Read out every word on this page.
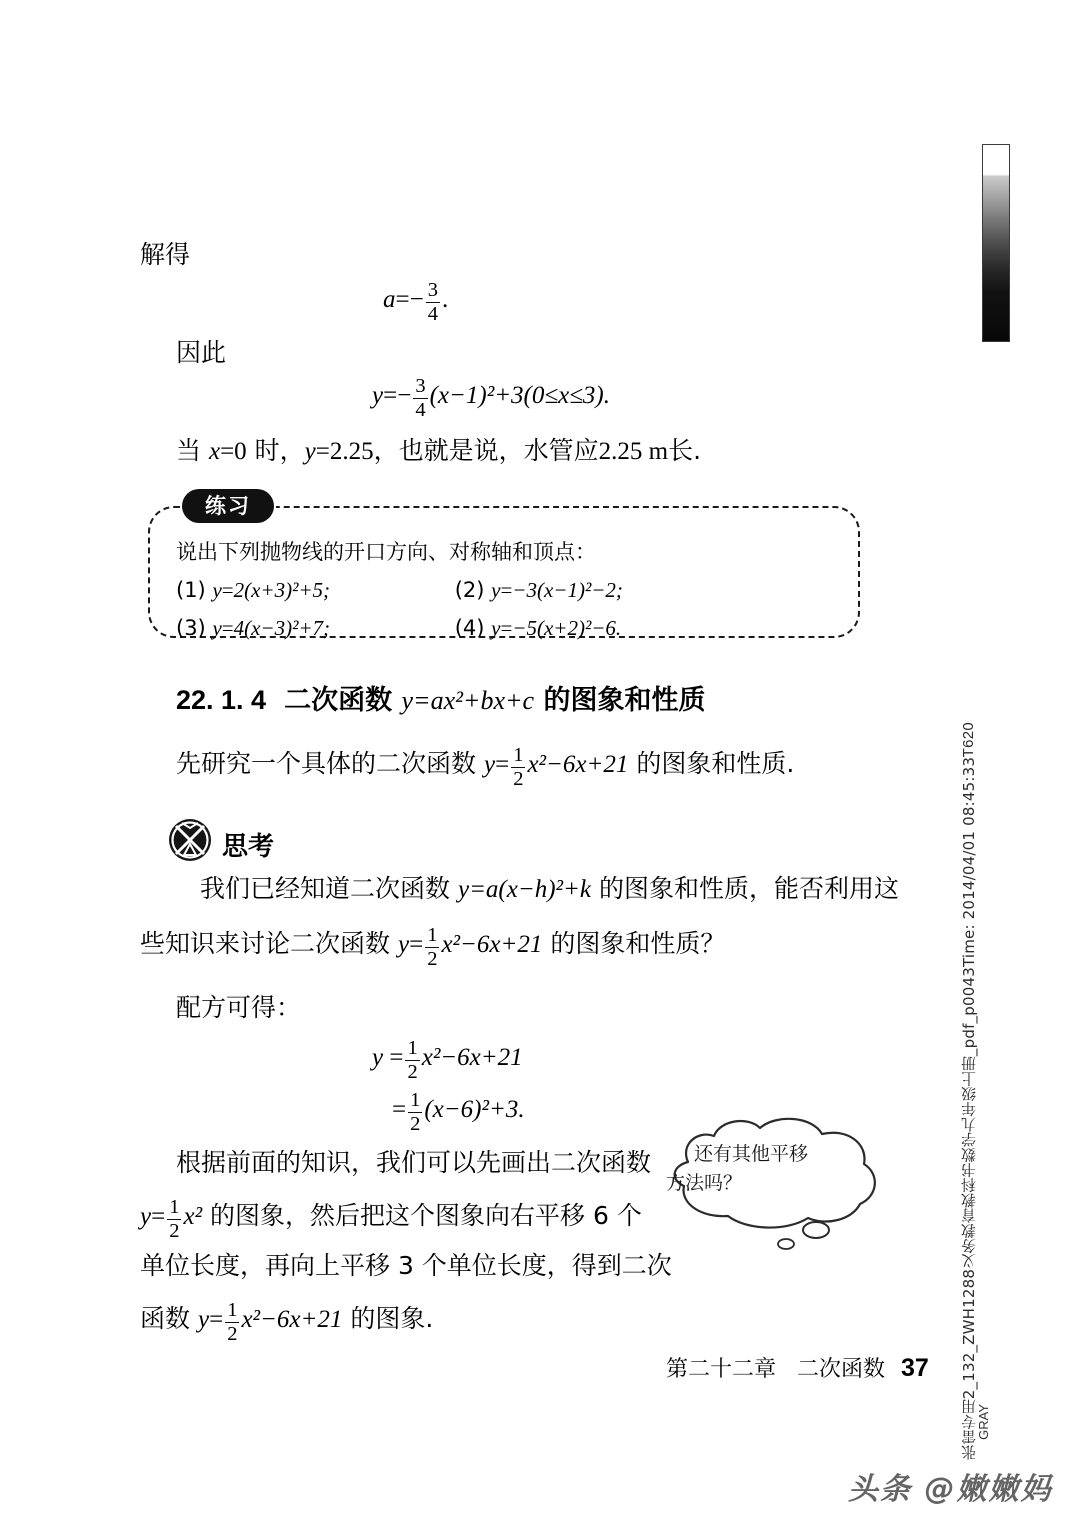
解得
$a=- \frac{3}{4}$ .
因此
$y=- \frac{3}{4} (x-1)^2+3(0\le x\le 3)$.
当 x=0 时，y=2.25，也就是说，水管应2.25 m长.
练习
说出下列抛物线的开口方向、对称轴和顶点：
(1) y=2(x+3)²+5;	(2) y=−3(x−1)²−2;
(3) y=4(x−3)²+7;	(4) y=−5(x+2)²−6.
22. 1. 4 二次函数 y=ax²+bx+c 的图象和性质
先研究一个具体的二次函数 $y= \frac{1}{2} x^2-6x+21$ 的图象和性质.
思考
我们已经知道二次函数 y=a(x−h)²+k 的图象和性质，能否利用这
些知识来讨论二次函数 $y= \frac{1}{2} x^2-6x+21$ 的图象和性质？
配方可得：
$y = \frac{1}{2} x^2-6x+21$
= $\frac{1}{2} (x-6)^2+3$.
还有其他平移
方法吗？
根据前面的知识，我们可以先画出二次函数
$y= \frac{1}{2} x^2$ 的图象，然后把这个图象向右平移 6 个
单位长度，再向上平移 3 个单位长度，得到二次
函数 $y= \frac{1}{2} x^2-6x+21$ 的图象.
第二十二章 二次函数 37
T620
张雷专用2_132_ZWH1288义务教育教科书数学九年级上册_pdf_p0043Time: 2014/04/01 08:45:33
GRAY
头条 @嫩嫩妈
